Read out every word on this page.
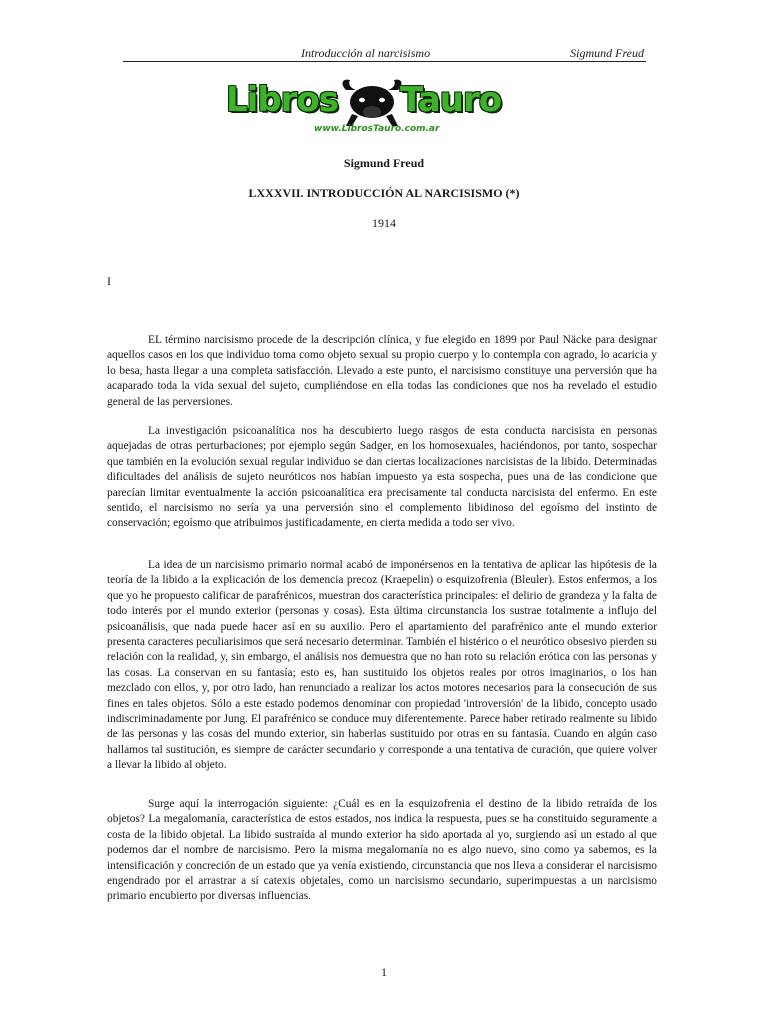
Introducción al narcisismo	Sigmund Freud
Libros Tauro
www.LibrosTauro.com.ar
Sigmund Freud
LXXXVII. INTRODUCCIÓN AL NARCISISMO (*)
1914
I

EL término narcisismo procede de la descripción clínica, y fue elegido en 1899 por Paul Näcke para designar aquellos casos en los que individuo toma como objeto sexual su propio cuerpo y lo contempla con agrado, lo acaricia y lo besa, hasta llegar a una completa satisfacción. Llevado a este punto, el narcisismo constituye una perversión que ha acaparado toda la vida sexual del sujeto, cumpliéndose en ella todas las condiciones que nos ha revelado el estudio general de las perversiones.

La investigación psicoanalítica nos ha descubierto luego rasgos de esta conducta narcisista en personas aquejadas de otras perturbaciones; por ejemplo según Sadger, en los homosexuales, haciéndonos, por tanto, sospechar que también en la evolución sexual regular individuo se dan ciertas localizaciones narcisistas de la libido. Determinadas dificultades del análisis de sujeto neuróticos nos habían impuesto ya esta sospecha, pues una de las condicione que parecían limitar eventualmente la acción psicoanalítica era precisamente tal conducta narcisista del enfermo. En este sentido, el narcisismo no sería ya una perversión sino el complemento libidinoso del egoísmo del instinto de conservación; egoísmo que atribuimos justificadamente, en cierta medida a todo ser vivo.

La idea de un narcisismo primario normal acabó de imponérsenos en la tentativa de aplicar las hipótesis de la teoría de la libido a la explicación de los demencia precoz (Kraepelin) o esquizofrenia (Bleuler). Estos enfermos, a los que yo he propuesto calificar de parafrénicos, muestran dos característica principales: el delirio de grandeza y la falta de todo interés por el mundo exterior (personas y cosas). Esta última circunstancia los sustrae totalmente a influjo del psicoanálisis, que nada puede hacer así en su auxilio. Pero el apartamiento del parafrénico ante el mundo exterior presenta caracteres peculiarisimos que será necesario determinar. También el histérico o el neurótico obsesivo pierden su relación con la realidad, y, sin embargo, el análisis nos demuestra que no han roto su relación erótica con las personas y las cosas. La conservan en su fantasía; esto es, han sustituido los objetos reales por otros imaginarios, o los han mezclado con ellos, y, por otro lado, han renunciado a realizar los actos motores necesarios para la consecución de sus fines en tales objetos. Sólo a este estado podemos denominar con propiedad 'introversión' de la libido, concepto usado indiscriminadamente por Jung. El parafrénico se conduce muy diferentemente. Parece haber retirado realmente su libido de las personas y las cosas del mundo exterior, sin haberlas sustituido por otras en su fantasía. Cuando en algún caso hallamos tal sustitución, es siempre de carácter secundario y corresponde a una tentativa de curación, que quiere volver a llevar la libido al objeto.

Surge aquí la interrogación siguiente: ¿Cuál es en la esquizofrenia el destino de la libido retraída de los objetos? La megalomanía, característica de estos estados, nos indica la respuesta, pues se ha constituido seguramente a costa de la libido objetal. La libido sustraída al mundo exterior ha sido aportada al yo, surgiendo así un estado al que podemos dar el nombre de narcisismo. Pero la misma megalomanía no es algo nuevo, sino como ya sabemos, es la intensificación y concreción de un estado que ya venía existiendo, circunstancia que nos lleva a considerar el narcisismo engendrado por el arrastrar a sí catexis objetales, como un narcisismo secundario, superimpuestas a un narcisismo primario encubierto por diversas influencias.

1
